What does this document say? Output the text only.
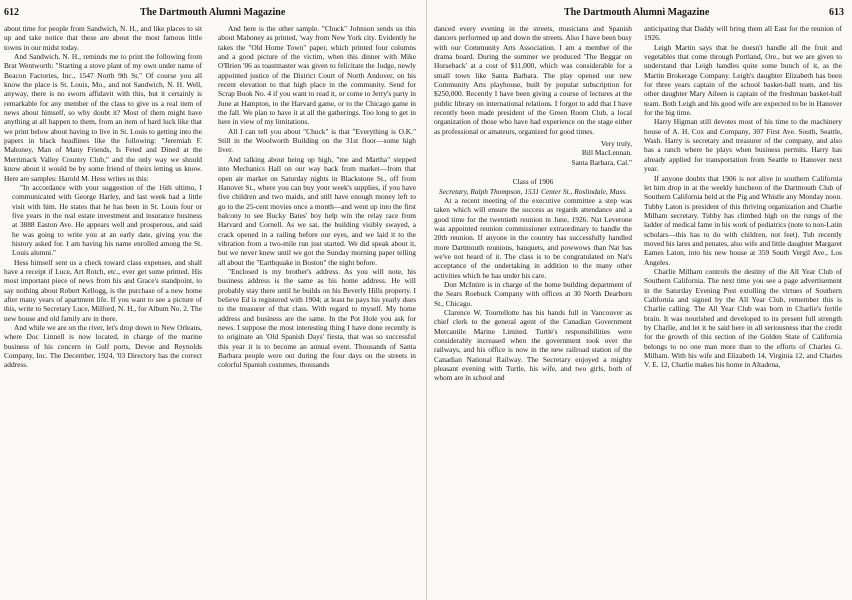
612	The Dartmouth Alumni Magazine

about time for people from Sandwich, N. H., and like places to sit up and take notice that these are about the most famous little towns in our midst today.

And Sandwich, N. H., reminds me to print the following from Brat Wentworth: "Starting a stove plant of my own under name of Beacon Factories, Inc., 1547 North 9th St." Of course you all know the place is St. Louis, Mo., and not Sandwich, N. H. Well, anyway, there is no sworn affidavit with this, but it certainly is remarkable for any member of the class to give us a real item of news about himself, so why doubt it? Most of them might have anything at all happen to them, from an item of hard luck like that we print below about having to live in St. Louis to getting into the papers in black headlines like the following: "Jeremiah F. Mahoney, Man of Many Friends, Is Feted and Dined at the Merrimack Valley Country Club," and the only way we should know about it would be by some friend of theirs letting us know. Here are samples: Harold M. Hess writes us this:

"In accordance with your suggestion of the 16th ultimo, I communicated with George Harley, and last week had a little visit with him. He states that he has been in St. Louis four or five years in the real estate investment and insurance business at 3888 Easton Ave. He appears well and prosperous, and said he was going to write you at an early date, giving you the history asked for. I am having his name enrolled among the St. Louis alumni."

Hess himself sent us a check toward class expenses, and shall have a receipt if Luce, Art Rotch, etc., ever get some printed. His most important piece of news from his and Grace's standpoint, to say nothing about Robert Kellogg, is the purchase of a new home after many years of apartment life. If you want to see a picture of this, write to Secretary Luce, Milford, N. H., for Album No. 2. The new house and old family are in there.

And while we are on the river, let's drop down to New Orleans, where Doc Linnell is now located, in charge of the marine business of his concern in Gulf ports, Devoe and Reynolds Company, Inc. The December, 1924, '03 Directory has the correct address.

And here is the other sample. "Chuck" Johnson sends us this about Mahoney as printed, 'way from New York city. Evidently he takes the "Old Home Town" paper, which printed four columns and a good picture of the victim, when this dinner with Mike O'Brien '06 as toastmaster was given to felicitate the Judge, newly appointed justice of the District Court of North Andover, on his recent elevation to that high place in the community. Send for Scrap Book No. 4 if you want to read it, or come to Jerry's party in June at Hampton, to the Harvard game, or to the Chicago game in the fall. We plan to have it at all the gatherings. Too long to get in here in view of my limitations.

All I can tell you about "Chuck" is that "Everything is O.K." Still in the Woolworth Building on the 31st floor—some high liver.

And talking about being up high, "me and Martha" stepped into Mechanics Hall on our way back from market—from that open air market on Saturday nights in Blackstone St., off from Hanover St., where you can buy your week's supplies, if you have five children and two maids, and still have enough money left to go to the 25-cent movies once a month—and went up into the first balcony to see Bucky Bates' boy help win the relay race from Harvard and Cornell. As we sat, the building visibly swayed, a crack opened in a railing before our eyes, and we laid it to the vibration from a two-mile run just started. We did speak about it, but we never knew until we got the Sunday morning paper telling all about the "Earthquake in Boston" the night before.

"Enclosed is my brother's address. As you will note, his business address is the same as his home address. He will probably stay there until he builds on his Beverly Hills property. I believe Ed is registered with 1904; at least he pays his yearly dues to the treasurer of that class. With regard to myself. My home address and business are the same. In the Pot Hole you ask for news. I suppose the most interesting thing I have done recently is to originate an 'Old Spanish Days' fiesta, that was so successful this year it is to become an annual event. Thousands of Santa Barbara people were out during the four days on the streets in colorful Spanish costumes, thousands

The Dartmouth Alumni Magazine	613

danced every evening in the streets, musicians and Spanish dancers performed up and down the streets. Also I have been busy with our Community Arts Association. I am a member of the drama board. During the summer we produced 'The Beggar on Horseback' at a cost of $11,000, which was considerable for a small town like Santa Barbara. The play opened our new Community Arts playhouse, built by popular subscription for $250,000. Recently I have been giving a course of lectures at the public library on international relations. I forgot to add that I have recently been made president of the Green Room Club, a local organization of those who have had experience on the stage either as professional or amateurs, organized for good times.

Very truly,

Bill MacLennan.

Santa Barbara, Cal."

Class of 1906

Secretary, Ralph Thompson, 1531 Center St., Roslindale, Mass.

At a recent meeting of the executive committee a step was taken which will ensure the success as regards attendance and a good time for the twentieth reunion in June, 1926. Nat Leverone was appointed reunion commissioner extraordinary to handle the 20th reunion. If anyone in the country has successfully handled more Dartmouth reunions, banquets, and powwows than Nat has we've not heard of it. The class is to be congratulated on Nat's acceptance of the undertaking in addition to the many other activities which he has under his care.

Don McIntire is in charge of the home building department of the Sears Roebuck Company with offices at 30 North Dearborn St., Chicago.

Clarence W. Tourtellotte has his hands full in Vancouver as chief clerk to the general agent of the Canadian Government Mercantile Marine Limited. Turtle's responsibilities were considerably increased when the government took over the railways, and his office is now in the new railroad station of the Canadian National Railway. The Secretary enjoyed a mighty pleasant evening with Turtle, his wife, and two girls, both of whom are in school and

anticipating that Daddy will bring them all East for the reunion of 1926.

Leigh Martin says that he doesn't handle all the fruit and vegetables that come through Portland, Ore., but we are given to understand that Leigh handles quite some bunch of it, as the Martin Brokerage Company. Leigh's daughter Elizabeth has been for three years captain of the school basket-ball team, and his other daughter Mary Aileen is captain of the freshman basket-ball team. Both Leigh and his good wife are expected to be in Hanover for the big time.

Harry Higman still devotes most of his time to the machinery house of A. H. Cox and Company, 307 First Ave. South, Seattle, Wash. Harry is secretary and treasurer of the company, and also has a ranch where he plays when business permits. Harry has already applied for transportation from Seattle to Hanover next year.

If anyone doubts that 1906 is not alive in southern California let him drop in at the weekly luncheon of the Dartmouth Club of Southern California held at the Pig and Whistle any Monday noon. Tubby Laton is president of this thriving organization and Charlie Milham secretary. Tubby has climbed high on the rungs of the ladder of medical fame in his work of pediatrics (note to non-Latin scholars—this has to do with children, not feet). Tub recently moved his lares and penates, also wife and little daughter Margaret Eames Laton, into his new house at 359 South Vergil Ave., Los Angeles.

Charlie Milham controls the destiny of the All Year Club of Southern California. The next time you see a page advertisement in the Saturday Evening Post extolling the virtues of Southern California and signed by the All Year Club, remember this is Charlie calling. The All Year Club was born in Charlie's fertile brain. It was nourished and developed to its present full strength by Charlie, and let it be said here in all seriousness that the credit for the growth of this section of the Golden State of California belongs to no one man more than to the efforts of Charles G. Milham. With his wife and Elizabeth 14, Virginia 12, and Charles V. E. 12, Charlie makes his home in Altadena,
